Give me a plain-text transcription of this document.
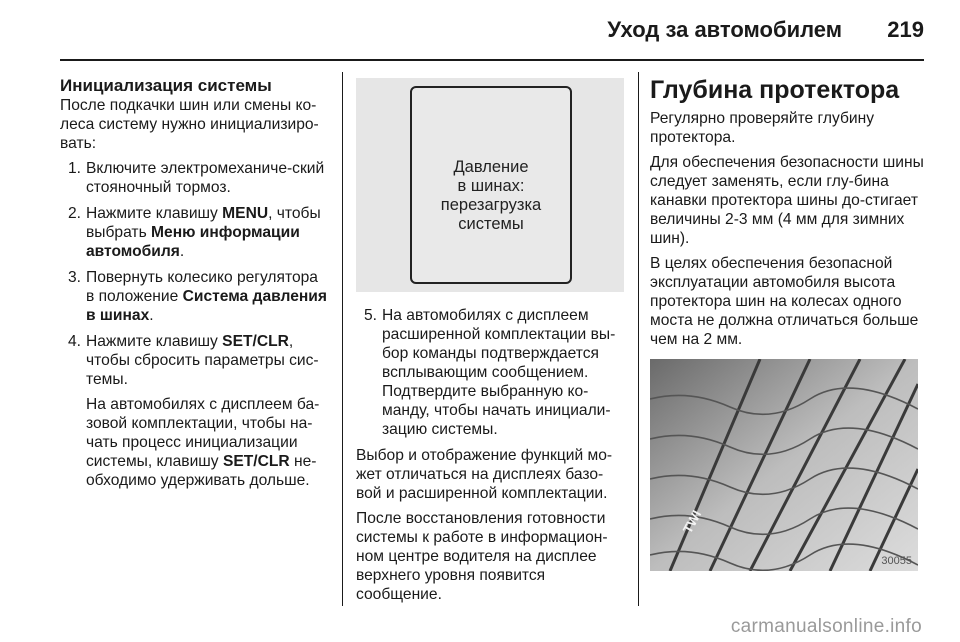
Уход за автомобилем 219
Инициализация системы

После подкачки шин или смены ко-леса систему нужно инициализиро-вать:

1. Включите электромеханиче-ский стояночный тормоз.
2. Нажмите клавишу MENU, чтобы выбрать Меню информации автомобиля.
3. Повернуть колесико регулятора в положение Система давления в шинах.
4. Нажмите клавишу SET/CLR, чтобы сбросить параметры сис-темы.
На автомобилях с дисплеем ба-зовой комплектации, чтобы на-чать процесс инициализации системы, клавишу SET/CLR не-обходимо удерживать дольше.
Давление
в шинах:
перезагрузка
системы
5. На автомобилях с дисплеем расширенной комплектации вы-бор команды подтверждается всплывающим сообщением. Подтвердите выбранную ко-манду, чтобы начать инициали-зацию системы.

Выбор и отображение функций мо-жет отличаться на дисплеях базо-вой и расширенной комплектации.

После восстановления готовности системы к работе в информацион-ном центре водителя на дисплее верхнего уровня появится сообщение.

Глубина протектора

Регулярно проверяйте глубину протектора.

Для обеспечения безопасности шины следует заменять, если глу-бина канавки протектора шины до-стигает величины 2-3 мм (4 мм для зимних шин).

В целях обеспечения безопасной эксплуатации автомобиля высота протектора шин на колесах одного моста не должна отличаться больше чем на 2 мм.

TWI
30055
carmanualsonline.info
